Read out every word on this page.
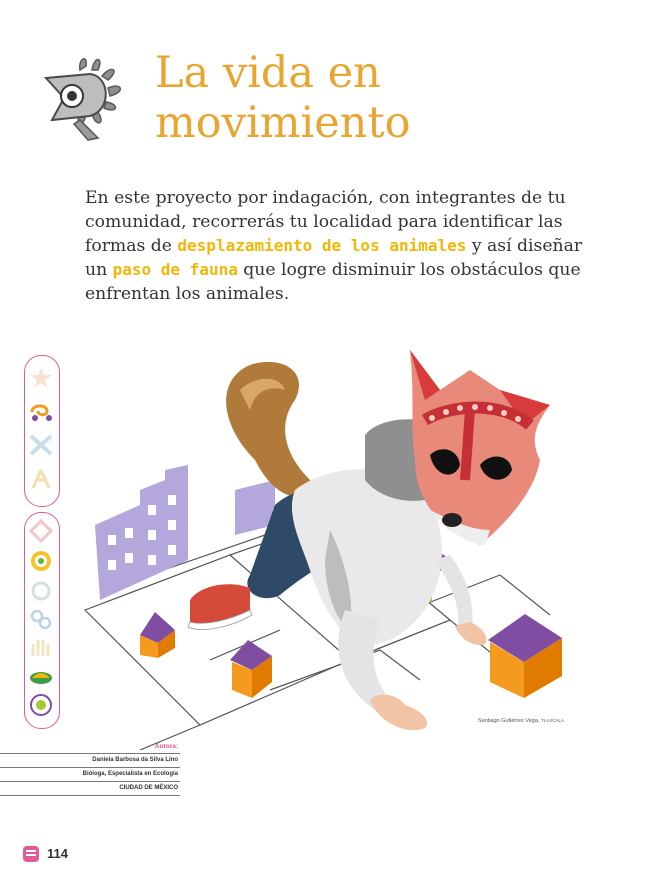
La vida en
movimiento

En este proyecto por indagación, con integrantes de tu comunidad, recorrerás tu localidad para identificar las formas de desplazamiento de los animales y así diseñar un paso de fauna que logre disminuir los obstáculos que enfrentan los animales.

Santiago Gutiérrez Vega, TLAXCALA
Autora:
Daniela Barbosa da Silva Lino
Bióloga, Especialista en Ecología
CIUDAD DE MÉXICO
114
